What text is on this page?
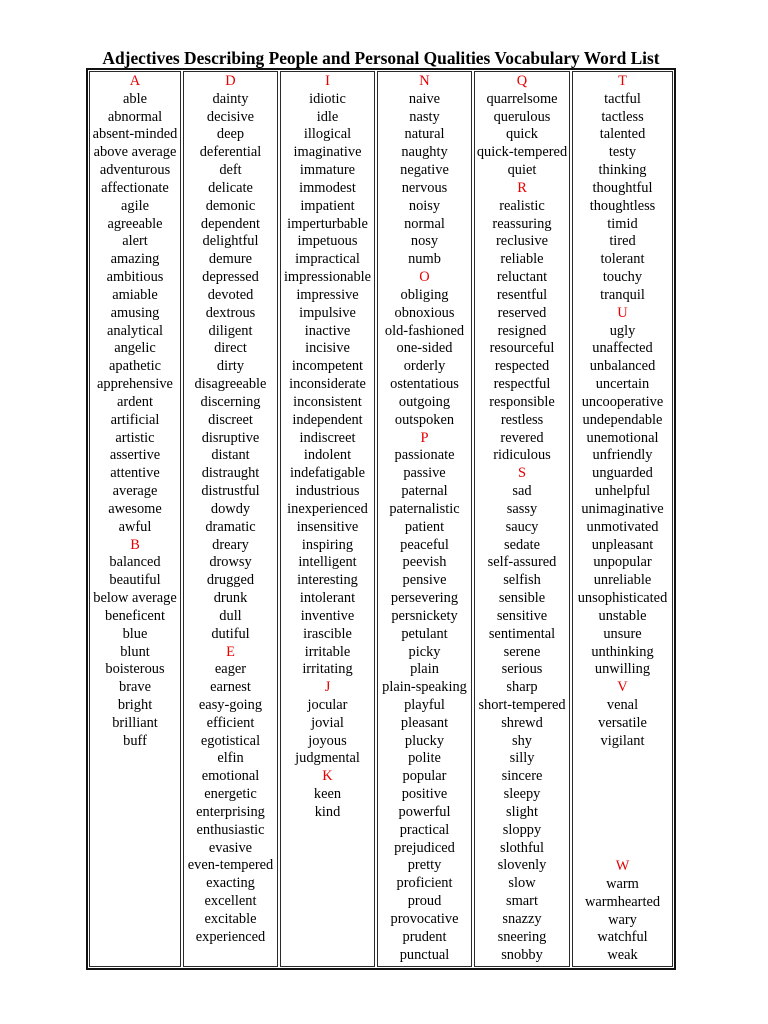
Adjectives Describing People and Personal Qualities Vocabulary Word List
A
able
abnormal
absent-minded
above average
adventurous
affectionate
agile
agreeable
alert
amazing
ambitious
amiable
amusing
analytical
angelic
apathetic
apprehensive
ardent
artificial
artistic
assertive
attentive
average
awesome
awful
B
balanced
beautiful
below average
beneficent
blue
blunt
boisterous
brave
bright
brilliant
buff
D
dainty
decisive
deep
deferential
deft
delicate
demonic
dependent
delightful
demure
depressed
devoted
dextrous
diligent
direct
dirty
disagreeable
discerning
discreet
disruptive
distant
distraught
distrustful
dowdy
dramatic
dreary
drowsy
drugged
drunk
dull
dutiful
E
eager
earnest
easy-going
efficient
egotistical
elfin
emotional
energetic
enterprising
enthusiastic
evasive
even-tempered
exacting
excellent
excitable
experienced
I
idiotic
idle
illogical
imaginative
immature
immodest
impatient
imperturbable
impetuous
impractical
impressionable
impressive
impulsive
inactive
incisive
incompetent
inconsiderate
inconsistent
independent
indiscreet
indolent
indefatigable
industrious
inexperienced
insensitive
inspiring
intelligent
interesting
intolerant
inventive
irascible
irritable
irritating
J
jocular
jovial
joyous
judgmental
K
keen
kind
N
naive
nasty
natural
naughty
negative
nervous
noisy
normal
nosy
numb
O
obliging
obnoxious
old-fashioned
one-sided
orderly
ostentatious
outgoing
outspoken
P
passionate
passive
paternal
paternalistic
patient
peaceful
peevish
pensive
persevering
persnickety
petulant
picky
plain
plain-speaking
playful
pleasant
plucky
polite
popular
positive
powerful
practical
prejudiced
pretty
proficient
proud
provocative
prudent
punctual
Q
quarrelsome
querulous
quick
quick-tempered
quiet
R
realistic
reassuring
reclusive
reliable
reluctant
resentful
reserved
resigned
resourceful
respected
respectful
responsible
restless
revered
ridiculous
S
sad
sassy
saucy
sedate
self-assured
selfish
sensible
sensitive
sentimental
serene
serious
sharp
short-tempered
shrewd
shy
silly
sincere
sleepy
slight
sloppy
slothful
slovenly
slow
smart
snazzy
sneering
snobby
T
tactful
tactless
talented
testy
thinking
thoughtful
thoughtless
timid
tired
tolerant
touchy
tranquil
U
ugly
unaffected
unbalanced
uncertain
uncooperative
undependable
unemotional
unfriendly
unguarded
unhelpful
unimaginative
unmotivated
unpleasant
unpopular
unreliable
unsophisticated
unstable
unsure
unthinking
unwilling
V
venal
versatile
vigilant
W
warm
warmhearted
wary
watchful
weak
